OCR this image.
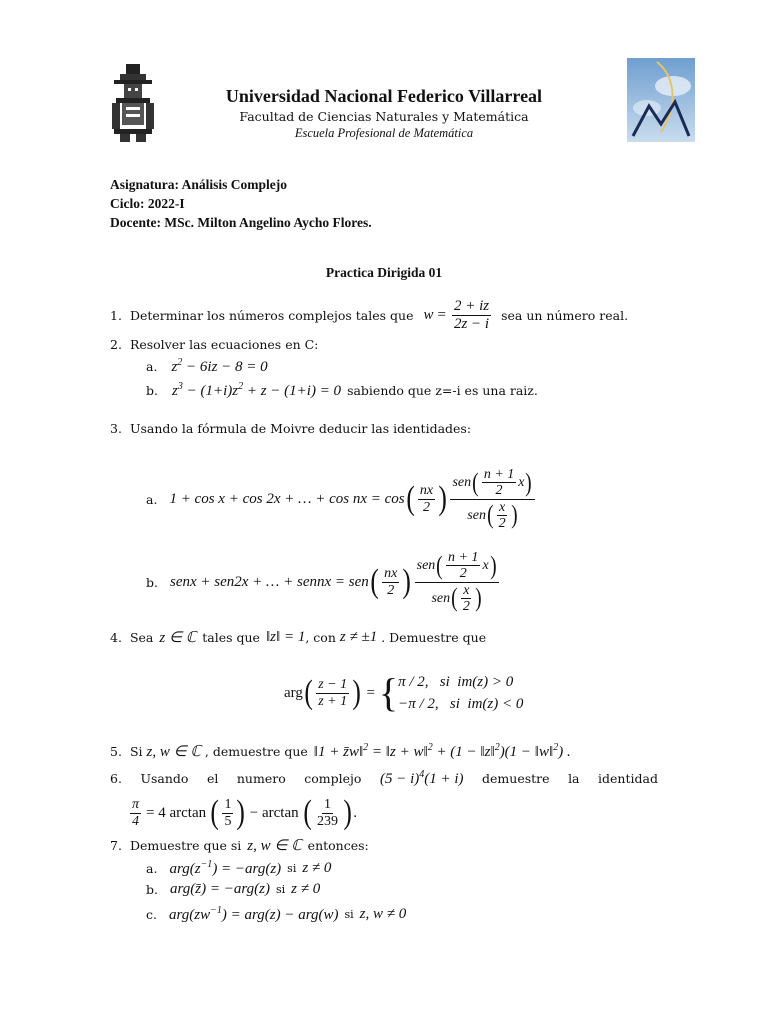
Universidad Nacional Federico Villarreal
Facultad de Ciencias Naturales y Matemática
Escuela Profesional de Matemática
Asignatura: Análisis Complejo
Ciclo: 2022-I
Docente: MSc. Milton Angelino Aycho Flores.
Practica Dirigida 01
1. Determinar los números complejos tales que $w = \frac{2 + iz}{2z - i}$ sea un número real.
2. Resolver las ecuaciones en C:
a. $z^2 - 6iz - 8 = 0$
b. $z^3 - (1+i)z^2 + z - (1+i) = 0$ sabiendo que z=-i es una raiz.
3. Usando la fórmula de Moivre deducir las identidades:
a. 1 + cos x + cos 2x + … + cos nx = cos ( $\frac{nx}{2}$ ) $\frac{sen ( \frac{n + 1}{2} x )}{sen ( \frac{x}{2} )}$
b. senx + sen2x + … + sennx = sen ( $\frac{nx}{2}$ ) $\frac{sen ( \frac{n + 1}{2} x )}{sen ( \frac{x}{2} )}$
4. Sea z ∈ ℂ tales que ‖z‖ = 1 , con z ≠ ±1 . Demuestre que
arg ( $\frac{z - 1}{z + 1}$ ) = { π / 2,   si  im(z) > 0
−π / 2,   si  im(z) < 0
5. Si z, w ∈ ℂ , demuestre que ‖1 + z̄w‖$^2$ = ‖z + w‖$^2$ + (1 − ‖z‖$^2$)(1 − ‖w‖$^2$) .
6. Usando el numero complejo $(5 - i)^4(1 + i)$ demuestre la identidad
$\frac{\pi}{4} = 4$ arctan ( $\frac{1}{5}$ ) − arctan ( $\frac{1}{239}$ ) .
7. Demuestre que si z, w ∈ ℂ entonces:
a. $arg(z^{-1}) = -arg(z)$ si z ≠ 0
b. arg(z̄) = −arg(z) si z ≠ 0
c. $arg(zw^{-1}) = arg(z) - arg(w)$ si z, w ≠ 0
